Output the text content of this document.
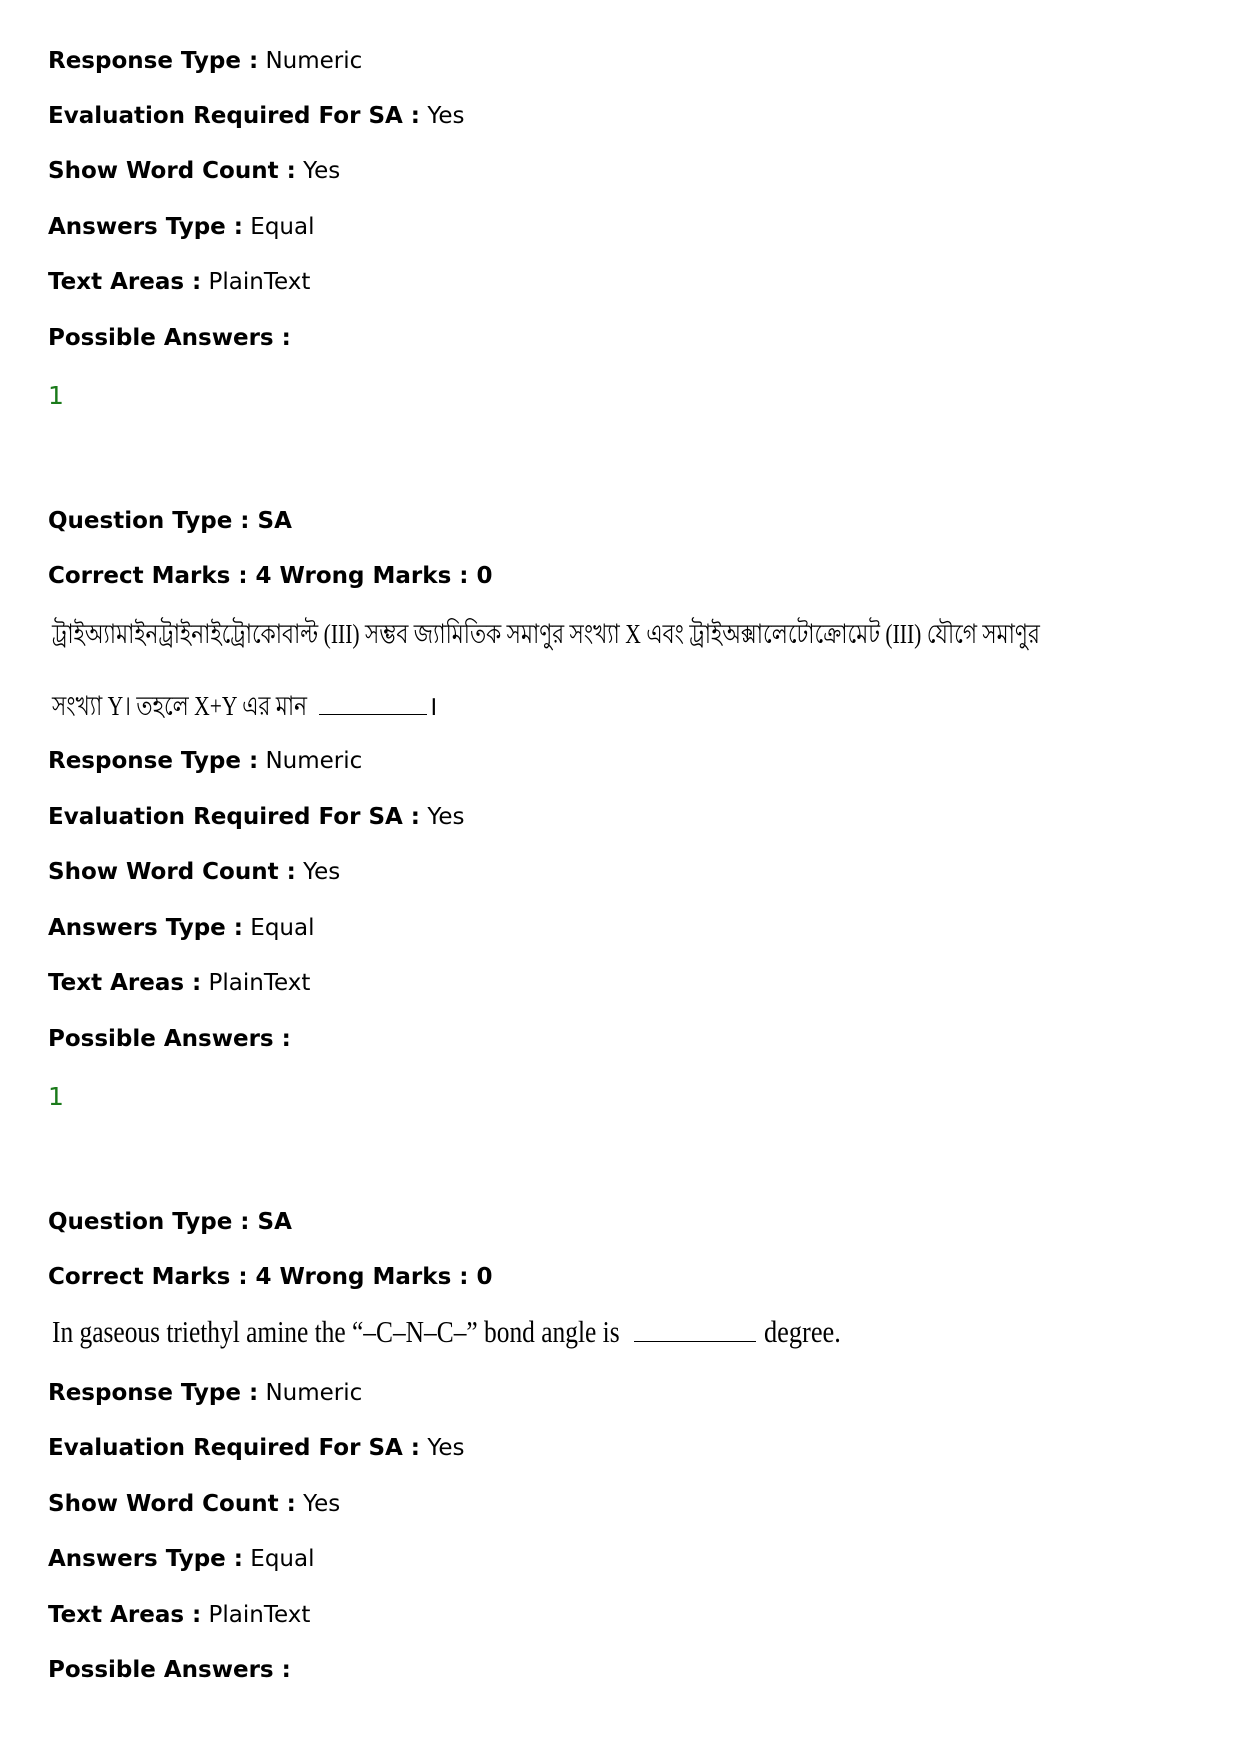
Response Type : Numeric
Evaluation Required For SA : Yes
Show Word Count : Yes
Answers Type : Equal
Text Areas : PlainText
Possible Answers :
1
Question Type : SA
Correct Marks : 4 Wrong Marks : 0
ট্রাইঅ্যামাইনট্রাইনাইট্রোকোবাল্ট (III) সম্ভব জ্যামিতিক সমাণুর সংখ্যা X এবং ট্রাইঅক্সালেটোক্রোমেট (III) যৌগে সমাণুর
সংখ্যা Y। তহলে X+Y এর মান	।
Response Type : Numeric
Evaluation Required For SA : Yes
Show Word Count : Yes
Answers Type : Equal
Text Areas : PlainText
Possible Answers :
1
Question Type : SA
Correct Marks : 4 Wrong Marks : 0
In gaseous triethyl amine the “–C–N–C–” bond angle is	degree.
Response Type : Numeric
Evaluation Required For SA : Yes
Show Word Count : Yes
Answers Type : Equal
Text Areas : PlainText
Possible Answers :
